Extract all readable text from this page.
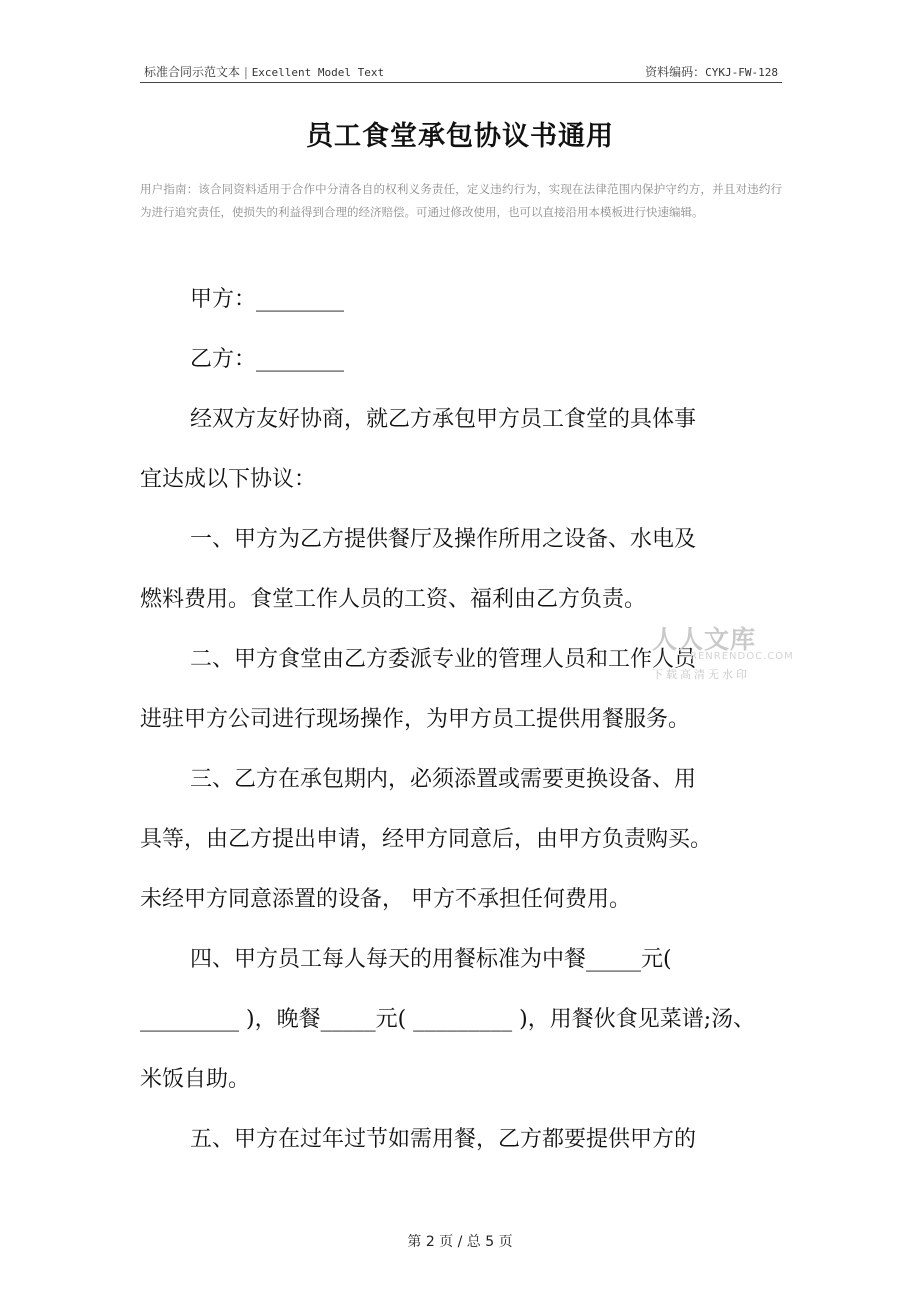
标准合同示范文本 | Excellent Model Text	资料编码：CYKJ-FW-128
员工食堂承包协议书通用
用户指南：该合同资料适用于合作中分清各自的权利义务责任，定义违约行为，实现在法律范围内保护守约方，并且对违约行为进行追究责任，使损失的利益得到合理的经济赔偿。可通过修改使用，也可以直接沿用本模板进行快速编辑。
甲方：________
乙方：________
经双方友好协商，就乙方承包甲方员工食堂的具体事
宜达成以下协议：
一、甲方为乙方提供餐厅及操作所用之设备、水电及
燃料费用。食堂工作人员的工资、福利由乙方负责。
二、甲方食堂由乙方委派专业的管理人员和工作人员
进驻甲方公司进行现场操作，为甲方员工提供用餐服务。
三、乙方在承包期内，必须添置或需要更换设备、用
具等，由乙方提出申请，经甲方同意后，由甲方负责购买。
未经甲方同意添置的设备， 甲方不承担任何费用。
四、甲方员工每人每天的用餐标准为中餐_____元(
_________ )，晚餐_____元( _________ )，用餐伙食见菜谱;汤、
米饭自助。
五、甲方在过年过节如需用餐，乙方都要提供甲方的
人人文库
RENRENDOC.COM
下载高清无水印
第 2 页 / 总 5 页
